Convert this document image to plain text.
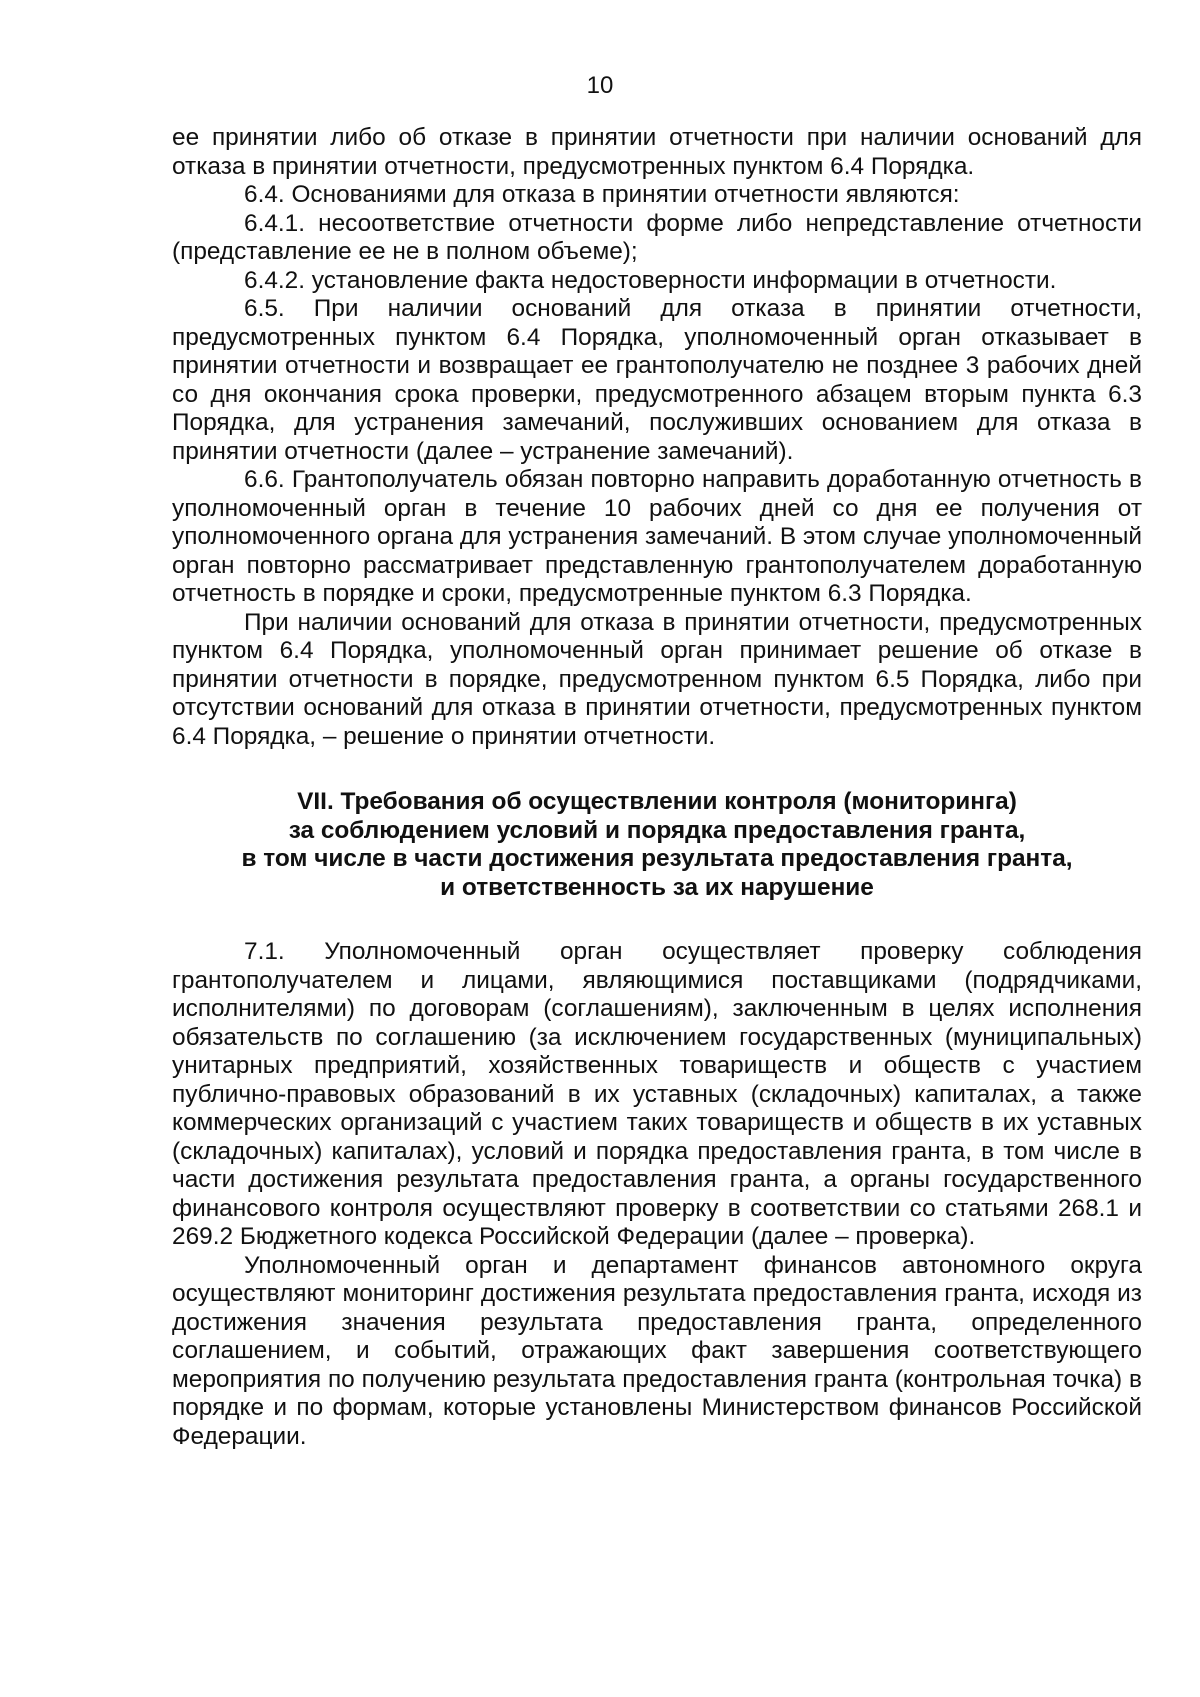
10

ее принятии либо об отказе в принятии отчетности при наличии оснований для отказа в принятии отчетности, предусмотренных пунктом 6.4 Порядка.

6.4. Основаниями для отказа в принятии отчетности являются:

6.4.1. несоответствие отчетности форме либо непредставление отчетности (представление ее не в полном объеме);

6.4.2. установление факта недостоверности информации в отчетности.

6.5. При наличии оснований для отказа в принятии отчетности, предусмотренных пунктом 6.4 Порядка, уполномоченный орган отказывает в принятии отчетности и возвращает ее грантополучателю не позднее 3 рабочих дней со дня окончания срока проверки, предусмотренного абзацем вторым пункта 6.3 Порядка, для устранения замечаний, послуживших основанием для отказа в принятии отчетности (далее – устранение замечаний).

6.6. Грантополучатель обязан повторно направить доработанную отчетность в уполномоченный орган в течение 10 рабочих дней со дня ее получения от уполномоченного органа для устранения замечаний. В этом случае уполномоченный орган повторно рассматривает представленную грантополучателем доработанную отчетность в порядке и сроки, предусмотренные пунктом 6.3 Порядка.

При наличии оснований для отказа в принятии отчетности, предусмотренных пунктом 6.4 Порядка, уполномоченный орган принимает решение об отказе в принятии отчетности в порядке, предусмотренном пунктом 6.5 Порядка, либо при отсутствии оснований для отказа в принятии отчетности, предусмотренных пунктом 6.4 Порядка, – решение о принятии отчетности.

VII. Требования об осуществлении контроля (мониторинга)
за соблюдением условий и порядка предоставления гранта,
в том числе в части достижения результата предоставления гранта,
и ответственность за их нарушение

7.1. Уполномоченный орган осуществляет проверку соблюдения грантополучателем и лицами, являющимися поставщиками (подрядчиками, исполнителями) по договорам (соглашениям), заключенным в целях исполнения обязательств по соглашению (за исключением государственных (муниципальных) унитарных предприятий, хозяйственных товариществ и обществ с участием публично-правовых образований в их уставных (складочных) капиталах, а также коммерческих организаций с участием таких товариществ и обществ в их уставных (складочных) капиталах), условий и порядка предоставления гранта, в том числе в части достижения результата предоставления гранта, а органы государственного финансового контроля осуществляют проверку в соответствии со статьями 268.1 и 269.2 Бюджетного кодекса Российской Федерации (далее – проверка).

Уполномоченный орган и департамент финансов автономного округа осуществляют мониторинг достижения результата предоставления гранта, исходя из достижения значения результата предоставления гранта, определенного соглашением, и событий, отражающих факт завершения соответствующего мероприятия по получению результата предоставления гранта (контрольная точка) в порядке и по формам, которые установлены Министерством финансов Российской Федерации.
